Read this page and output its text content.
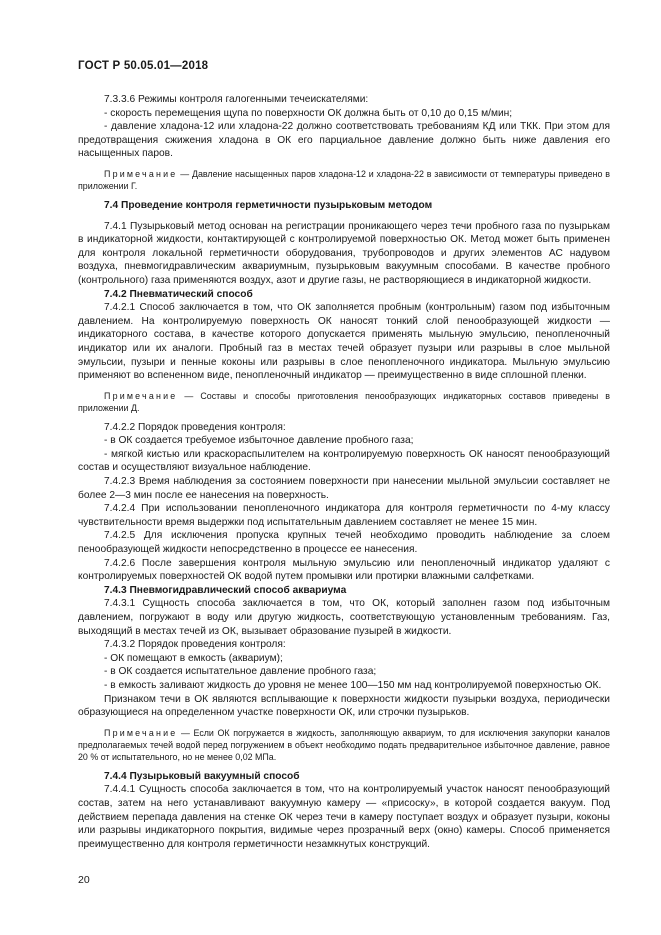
ГОСТ Р 50.05.01—2018

7.3.3.6 Режимы контроля галогенными течеискателями:

- скорость перемещения щупа по поверхности ОК должна быть от 0,10 до 0,15 м/мин;

- давление хладона-12 или хладона-22 должно соответствовать требованиям КД или ТКК. При этом для предотвращения сжижения хладона в ОК его парциальное давление должно быть ниже давления его насыщенных паров.

Примечание — Давление насыщенных паров хладона-12 и хладона-22 в зависимости от температуры приведено в приложении Г.

7.4 Проведение контроля герметичности пузырьковым методом

7.4.1 Пузырьковый метод основан на регистрации проникающего через течи пробного газа по пузырькам в индикаторной жидкости, контактирующей с контролируемой поверхностью ОК. Метод может быть применен для контроля локальной герметичности оборудования, трубопроводов и других элементов АС надувом воздуха, пневмогидравлическим аквариумным, пузырьковым вакуумным способами. В качестве пробного (контрольного) газа применяются воздух, азот и другие газы, не растворяющиеся в индикаторной жидкости.

7.4.2 Пневматический способ

7.4.2.1 Способ заключается в том, что ОК заполняется пробным (контрольным) газом под избыточным давлением. На контролируемую поверхность ОК наносят тонкий слой пенообразующей жидкости — индикаторного состава, в качестве которого допускается применять мыльную эмульсию, пенопленочный индикатор или их аналоги. Пробный газ в местах течей образует пузыри или разрывы в слое мыльной эмульсии, пузыри и пенные коконы или разрывы в слое пенопленочного индикатора. Мыльную эмульсию применяют во вспененном виде, пенопленочный индикатор — преимущественно в виде сплошной пленки.

Примечание — Составы и способы приготовления пенообразующих индикаторных составов приведены в приложении Д.

7.4.2.2 Порядок проведения контроля:

- в ОК создается требуемое избыточное давление пробного газа;

- мягкой кистью или краскораспылителем на контролируемую поверхность ОК наносят пенообразующий состав и осуществляют визуальное наблюдение.

7.4.2.3 Время наблюдения за состоянием поверхности при нанесении мыльной эмульсии составляет не более 2—3 мин после ее нанесения на поверхность.

7.4.2.4 При использовании пенопленочного индикатора для контроля герметичности по 4-му классу чувствительности время выдержки под испытательным давлением составляет не менее 15 мин.

7.4.2.5 Для исключения пропуска крупных течей необходимо проводить наблюдение за слоем пенообразующей жидкости непосредственно в процессе ее нанесения.

7.4.2.6 После завершения контроля мыльную эмульсию или пенопленочный индикатор удаляют с контролируемых поверхностей ОК водой путем промывки или протирки влажными салфетками.

7.4.3 Пневмогидравлический способ аквариума

7.4.3.1 Сущность способа заключается в том, что ОК, который заполнен газом под избыточным давлением, погружают в воду или другую жидкость, соответствующую установленным требованиям. Газ, выходящий в местах течей из ОК, вызывает образование пузырей в жидкости.

7.4.3.2 Порядок проведения контроля:

- ОК помещают в емкость (аквариум);

- в ОК создается испытательное давление пробного газа;

- в емкость заливают жидкость до уровня не менее 100—150 мм над контролируемой поверхностью ОК.

Признаком течи в ОК являются всплывающие к поверхности жидкости пузырьки воздуха, периодически образующиеся на определенном участке поверхности ОК, или строчки пузырьков.

Примечание — Если ОК погружается в жидкость, заполняющую аквариум, то для исключения закупорки каналов предполагаемых течей водой перед погружением в объект необходимо подать предварительное избыточное давление, равное 20 % от испытательного, но не менее 0,02 МПа.

7.4.4 Пузырьковый вакуумный способ

7.4.4.1 Сущность способа заключается в том, что на контролируемый участок наносят пенообразующий состав, затем на него устанавливают вакуумную камеру — «присоску», в которой создается вакуум. Под действием перепада давления на стенке ОК через течи в камеру поступает воздух и образует пузыри, коконы или разрывы индикаторного покрытия, видимые через прозрачный верх (окно) камеры. Способ применяется преимущественно для контроля герметичности незамкнутых конструкций.

20
